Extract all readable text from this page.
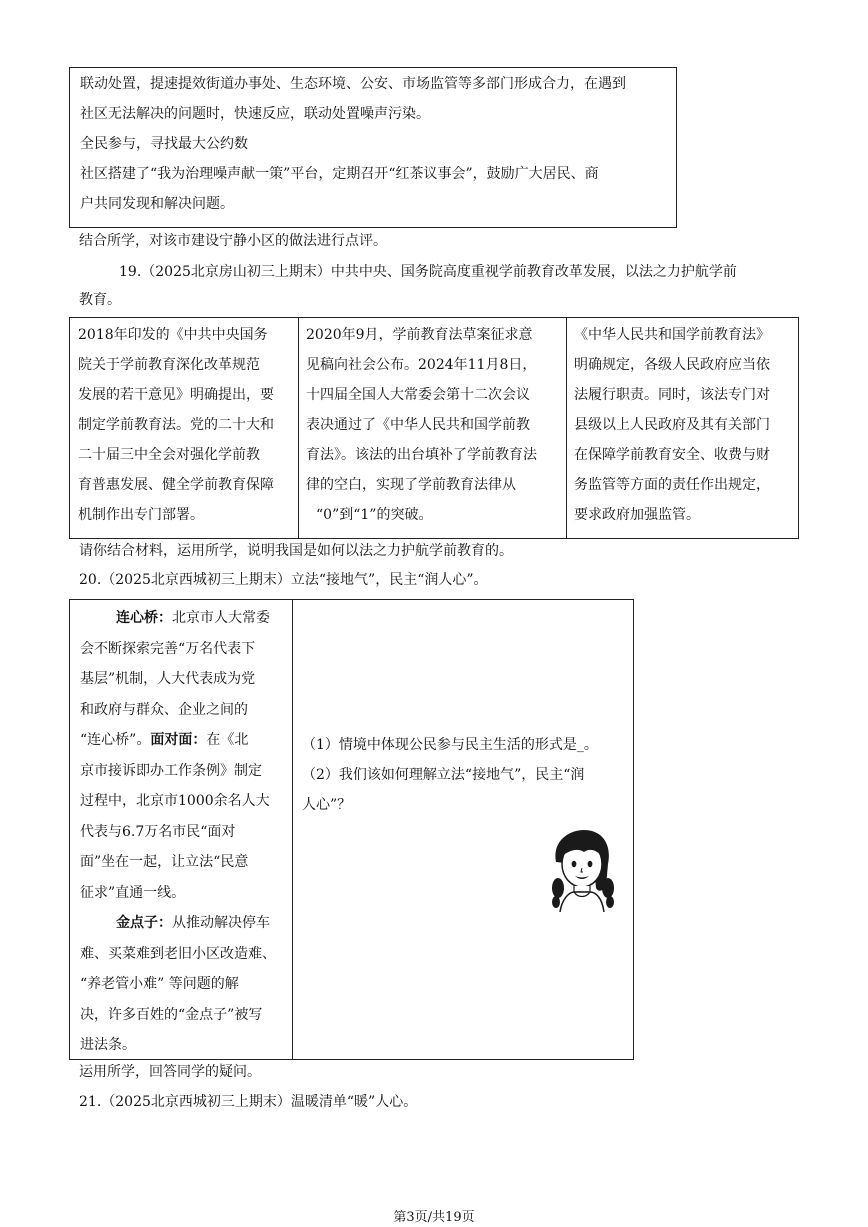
联动处置，提速提效街道办事处、生态环境、公安、市场监管等多部门形成合力，在遇到
社区无法解决的问题时，快速反应，联动处置噪声污染。
全民参与，寻找最大公约数
社区搭建了“我为治理噪声献一策”平台，定期召开“红茶议事会”，鼓励广大居民、商
户共同发现和解决问题。
结合所学，对该市建设宁静小区的做法进行点评。
19.（2025北京房山初三上期末）中共中央、国务院高度重视学前教育改革发展，以法之力护航学前
教育。

2018年印发的《中共中央国务

院关于学前教育深化改革规范

发展的若干意见》明确提出，要

制定学前教育法。党的二十大和

二十届三中全会对强化学前教

育普惠发展、健全学前教育保障

机制作出专门部署。

2020年9月，学前教育法草案征求意

见稿向社会公布。2024年11月8日，

十四届全国人大常委会第十二次会议

表决通过了《中华人民共和国学前教

育法》。该法的出台填补了学前教育法

律的空白，实现了学前教育法律从

“0”到“1”的突破。

《中华人民共和国学前教育法》

明确规定，各级人民政府应当依

法履行职责。同时，该法专门对

县级以上人民政府及其有关部门

在保障学前教育安全、收费与财

务监管等方面的责任作出规定，

要求政府加强监管。

请你结合材料，运用所学，说明我国是如何以法之力护航学前教育的。
20.（2025北京西城初三上期末）立法“接地气”，民主“润人心”。

连心桥：北京市人大常委

会不断探索完善“万名代表下

基层”机制，人大代表成为党

和政府与群众、企业之间的

“连心桥”。面对面：在《北

京市接诉即办工作条例》制定

过程中，北京市1000余名人大

代表与6.7万名市民“面对

面”坐在一起，让立法“民意

征求”直通一线。

金点子：从推动解决停车

难、买菜难到老旧小区改造难、

“养老管小难” 等问题的解

决，许多百姓的“金点子”被写

进法条。

（1）情境中体现公民参与民主生活的形式是_。
（2）我们该如何理解立法“接地气”，民主“润
人心”？
运用所学，回答同学的疑问。
21.（2025北京西城初三上期末）温暖清单“暖”人心。
第3页/共19页
